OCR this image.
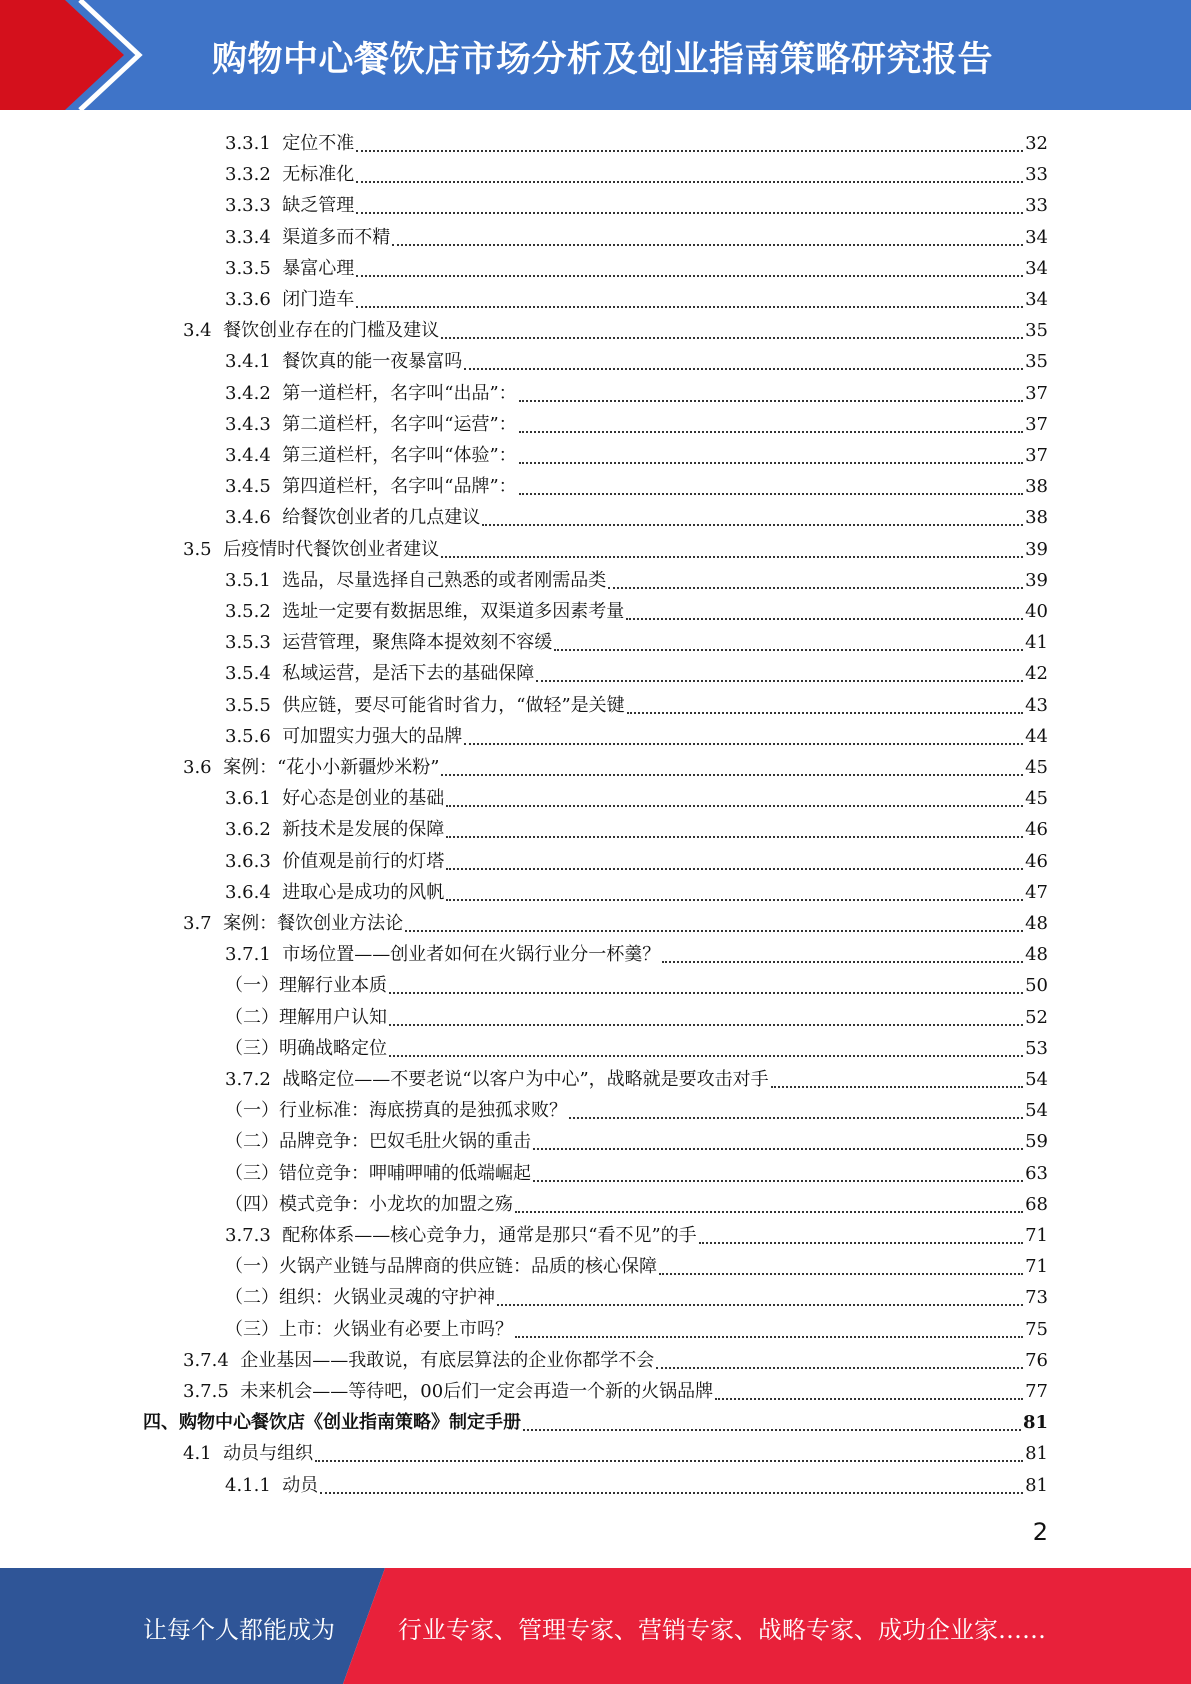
购物中心餐饮店市场分析及创业指南策略研究报告
3.3.1 定位不准	32
3.3.2 无标准化	33
3.3.3 缺乏管理	33
3.3.4 渠道多而不精	34
3.3.5 暴富心理	34
3.3.6 闭门造车	34
3.4 餐饮创业存在的门槛及建议	35
3.4.1 餐饮真的能一夜暴富吗	35
3.4.2 第一道栏杆，名字叫“出品”：	37
3.4.3 第二道栏杆，名字叫“运营”：	37
3.4.4 第三道栏杆，名字叫“体验”：	37
3.4.5 第四道栏杆，名字叫“品牌”：	38
3.4.6 给餐饮创业者的几点建议	38
3.5 后疫情时代餐饮创业者建议	39
3.5.1 选品，尽量选择自己熟悉的或者刚需品类	39
3.5.2 选址一定要有数据思维，双渠道多因素考量	40
3.5.3 运营管理，聚焦降本提效刻不容缓	41
3.5.4 私域运营，是活下去的基础保障	42
3.5.5 供应链，要尽可能省时省力，“做轻”是关键	43
3.5.6 可加盟实力强大的品牌	44
3.6 案例：“花小小新疆炒米粉”	45
3.6.1 好心态是创业的基础	45
3.6.2 新技术是发展的保障	46
3.6.3 价值观是前行的灯塔	46
3.6.4 进取心是成功的风帆	47
3.7 案例：餐饮创业方法论	48
3.7.1 市场位置——创业者如何在火锅行业分一杯羹？	48
（一）理解行业本质	50
（二）理解用户认知	52
（三）明确战略定位	53
3.7.2 战略定位——不要老说“以客户为中心”，战略就是要攻击对手	54
（一）行业标准：海底捞真的是独孤求败？	54
（二）品牌竞争：巴奴毛肚火锅的重击	59
（三）错位竞争：呷哺呷哺的低端崛起	63
（四）模式竞争：小龙坎的加盟之殇	68
3.7.3 配称体系——核心竞争力，通常是那只“看不见”的手	71
（一）火锅产业链与品牌商的供应链：品质的核心保障	71
（二）组织：火锅业灵魂的守护神	73
（三）上市：火锅业有必要上市吗？	75
3.7.4 企业基因——我敢说，有底层算法的企业你都学不会	76
3.7.5 未来机会——等待吧，00后们一定会再造一个新的火锅品牌	77
四、购物中心餐饮店《创业指南策略》制定手册	81
4.1 动员与组织	81
4.1.1 动员	81
2
让每个人都能成为	行业专家、管理专家、营销专家、战略专家、成功企业家……
